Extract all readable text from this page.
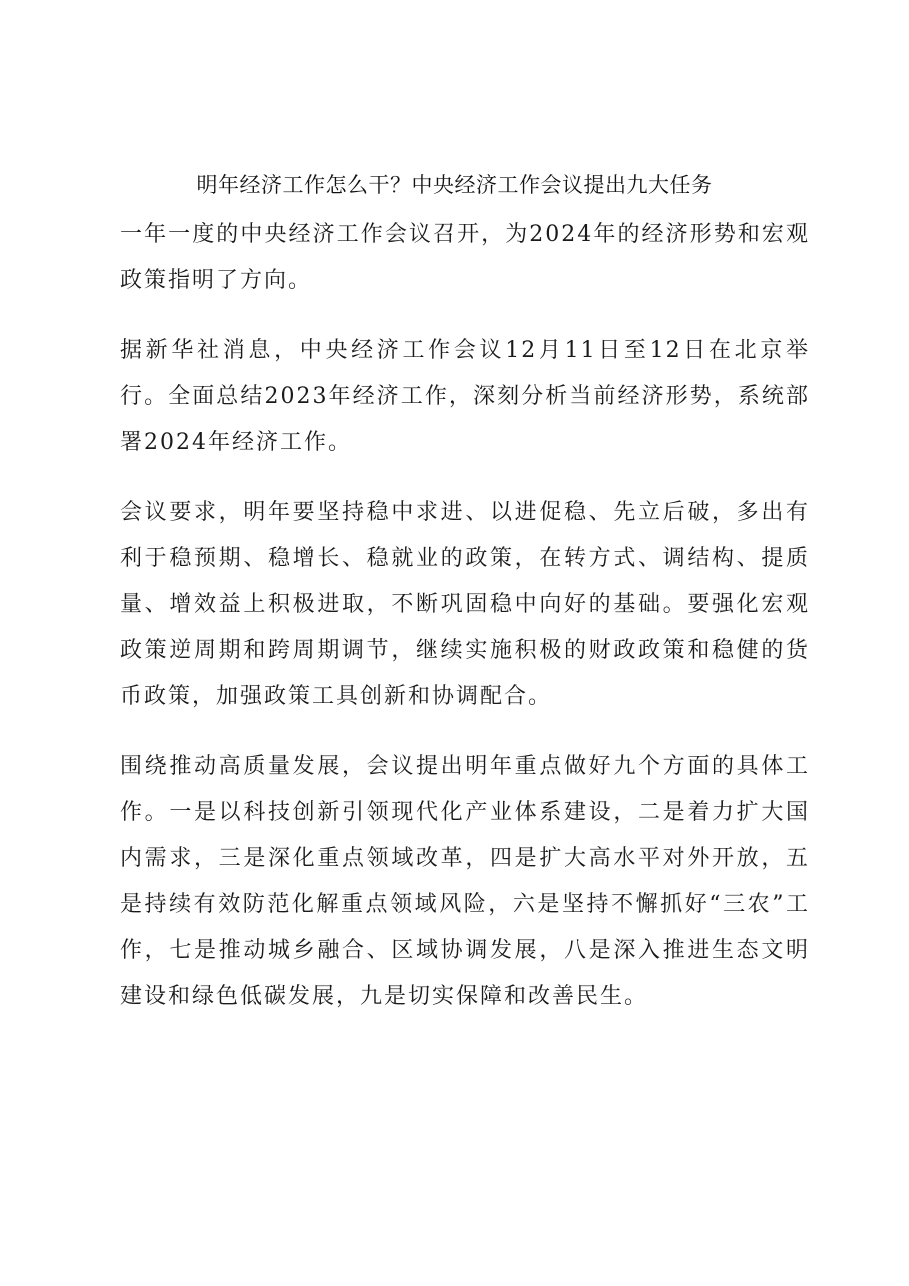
明年经济工作怎么干？中央经济工作会议提出九大任务

一年一度的中央经济工作会议召开，为2024年的经济形势和宏观政策指明了方向。

据新华社消息，中央经济工作会议12月11日至12日在北京举行。全面总结2023年经济工作，深刻分析当前经济形势，系统部署2024年经济工作。

会议要求，明年要坚持稳中求进、以进促稳、先立后破，多出有利于稳预期、稳增长、稳就业的政策，在转方式、调结构、提质量、增效益上积极进取，不断巩固稳中向好的基础。要强化宏观政策逆周期和跨周期调节，继续实施积极的财政政策和稳健的货币政策，加强政策工具创新和协调配合。

围绕推动高质量发展，会议提出明年重点做好九个方面的具体工作。一是以科技创新引领现代化产业体系建设，二是着力扩大国内需求，三是深化重点领域改革，四是扩大高水平对外开放，五是持续有效防范化解重点领域风险，六是坚持不懈抓好“三农”工作，七是推动城乡融合、区域协调发展，八是深入推进生态文明建设和绿色低碳发展，九是切实保障和改善民生。
